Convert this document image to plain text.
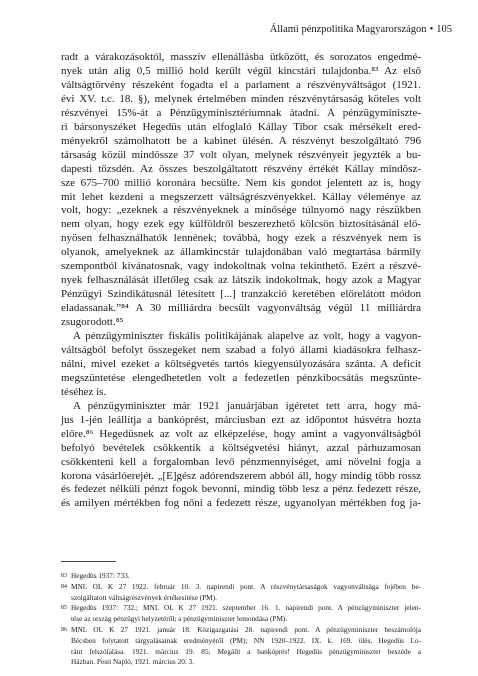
Állami pénzpolitika Magyarországon • 105
radt a várakozásoktól, masszív ellenállásba ütközött, és sorozatos engedmé-
nyek után alig 0,5 millió hold került végül kincstári tulajdonba.⁸³ Az első
váltságtörvény részeként fogadta el a parlament a részvényváltságot (1921.
évi XV. t.c. 18. §), melynek értelmében minden részvénytársaság köteles volt
részvényei 15%-át a Pénzügyminisztériumnak átadni. A pénzügyminiszte-
ri bársonyszéket Hegedüs után elfoglaló Kállay Tibor csak mérsékelt ered-
ményekről számolhatott be a kabinet ülésén. A részvényt beszolgáltató 796
társaság közül mindössze 37 volt olyan, melynek részvényeit jegyzték a bu-
dapesti tőzsdén. Az összes beszolgáltatott részvény értékét Kállay mindösz-
sze 675–700 millió koronára becsülte. Nem kis gondot jelentett az is, hogy
mit lehet kezdeni a megszerzett váltságrészvényekkel. Kállay véleménye az
volt, hogy: „ezeknek a részvényeknek a minősége túlnyomó nagy részükben
nem olyan, hogy ezek egy külföldről beszerezhető kölcsön biztosításánál elő-
nyösen felhasználhatók lennének; továbbá, hogy ezek a részvények nem is
olyanok, amelyeknek az államkincstár tulajdonában való megtartása bármily
szempontból kívánatosnak, vagy indokoltnak volna tekinthető. Ezért a részvé-
nyek felhasználását illetőleg csak az látszik indokoltnak, hogy azok a Magyar
Pénzügyi Szindikátusnál létesített [...] tranzakció keretében előrelátott módon
eladassanak.”⁸⁴ A 30 milliárdra becsült vagyonváltság végül 11 milliárdra
zsugorodott.⁸⁵
A pénzügyminiszter fiskális politikájának alapelve az volt, hogy a vagyon-
váltságból befolyt összegeket nem szabad a folyó állami kiadásokra felhasz-
nálni, mivel ezeket a költségvetés tartós kiegyensúlyozására szánta. A deficit
megszüntetése elengedhetetlen volt a fedezetlen pénzkibocsátás megszünte-
téséhez is.
A pénzügyminiszter már 1921 januárjában ígéretet tett arra, hogy má-
jus 1-jén leállítja a bankóprést, márciusban ezt az időpontot húsvétra hozta
előre.⁸⁶ Hegedüsnek az volt az elképzelése, hogy amint a vagyonváltságból
befolyó bevételek csökkentik a költségvetési hiányt, azzal párhuzamosan
csökkenteni kell a forgalomban levő pénzmennyiséget, ami növelni fogja a
korona vásárlóerejét. „[E]gész adórendszerem abból áll, hogy mindig több rossz
és fedezet nélküli pénzt fogok bevonni, mindig több lesz a pénz fedezett része,
és amilyen mértékben fog nőni a fedezett része, ugyanolyan mértékben fog ja-
83 Hegedüs 1937: 733.
84 MNL OL K 27 1922. február 10. 3. napirendi pont. A részvénytársaságok vagyonváltsága fejében be-
szolgáltatott váltságrészvények értékesítése (PM).
85 Hegedüs 1937: 732.; MNL OL K 27 1921. szeptember 16. 1. napirendi pont. A pénzügyminiszter jelen-
tése az ország pénzügyi helyzetéről; a pénzügyminiszter lemondása (PM).
86 MNL OL K 27 1921. január 18. Közigazgatási 28. napirendi pont. A pénzügyminiszter beszámolója
Bécsben folytatott tárgyalásainak eredményéről (PM); NN 1920–1922. IX. k. 169. ülés, Hegedüs Lo-
ránt felszólalása. 1921. március 19. 85; Megállt a bankóprés! Hegedüs pénzügyminiszter beszéde a
Házban. Pesti Napló, 1921. március 20. 3.
